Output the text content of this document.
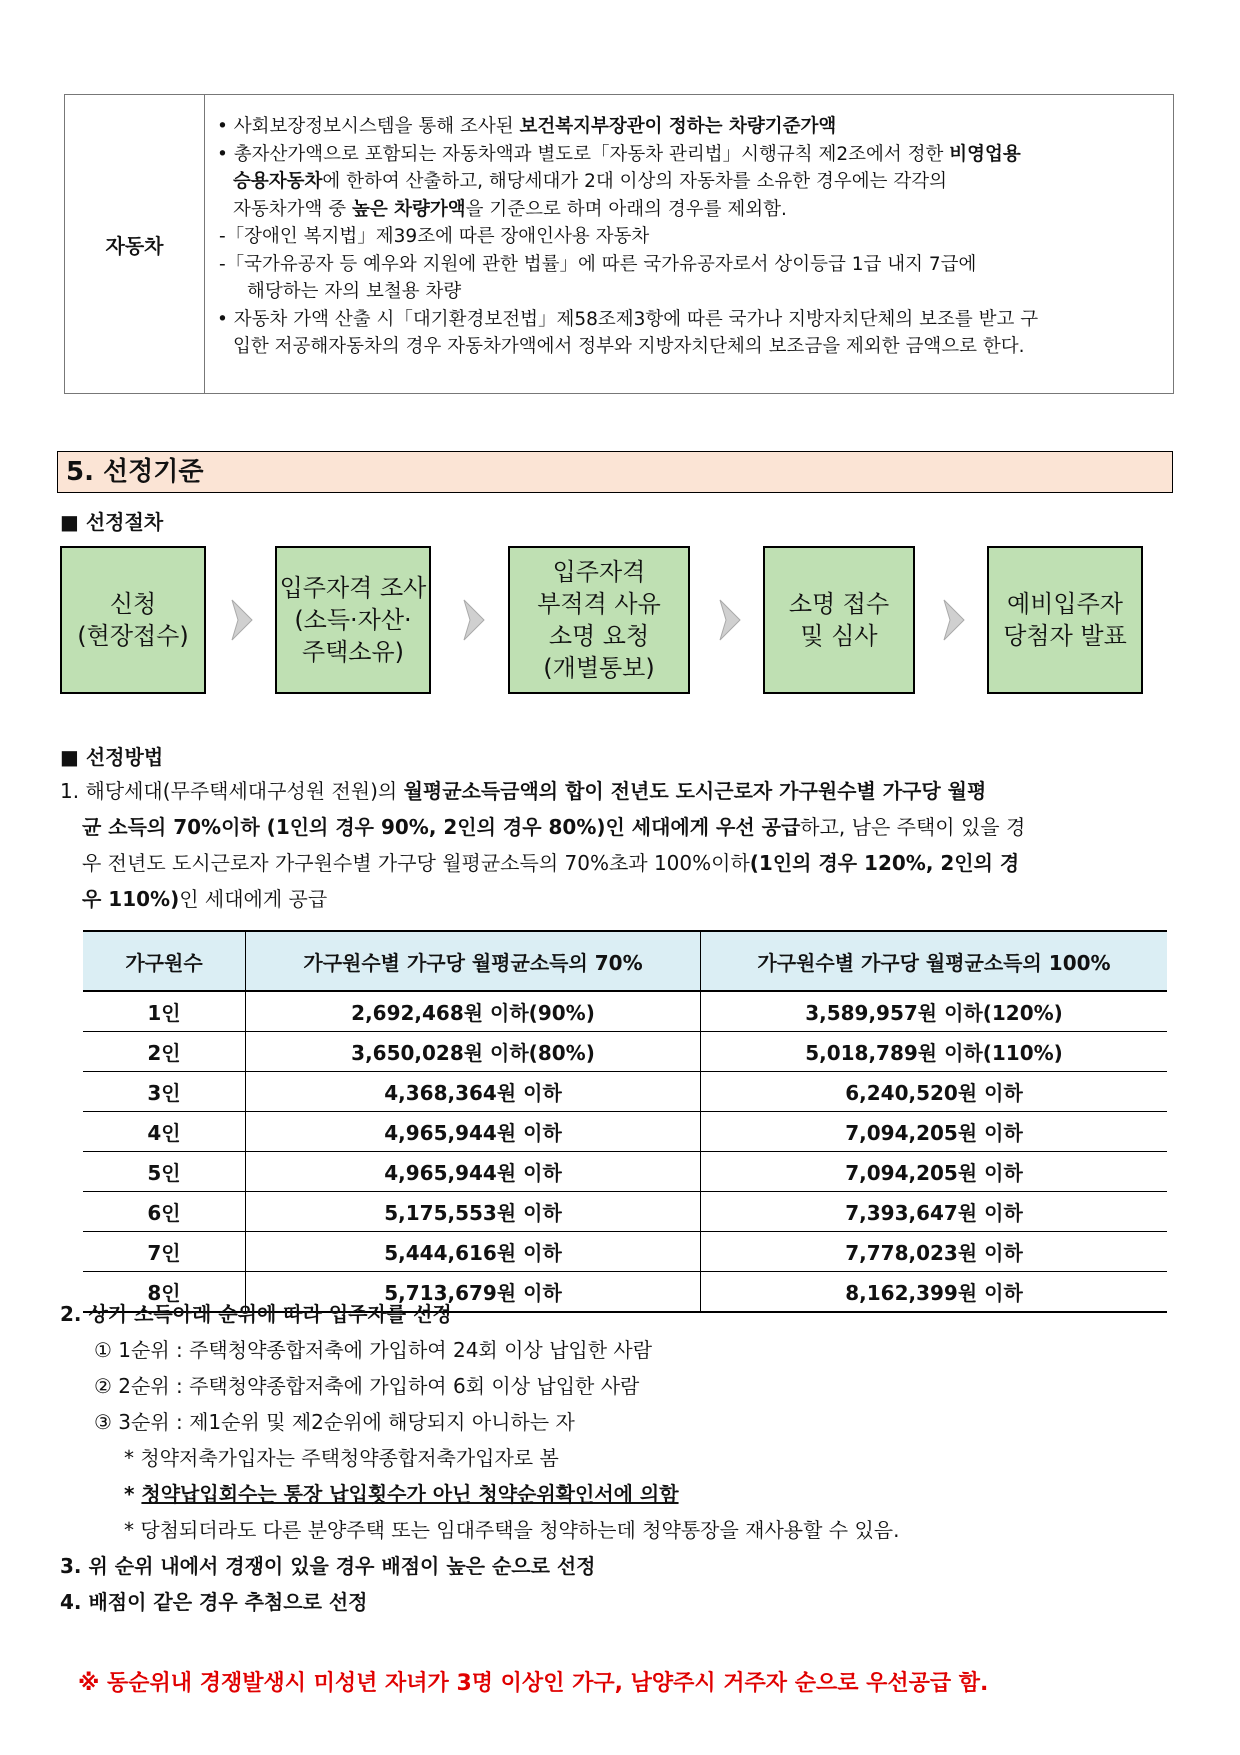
자동차
• 사회보장정보시스템을 통해 조사된 보건복지부장관이 정하는 차량기준가액
• 총자산가액으로 포함되는 자동차액과 별도로「자동차 관리법」시행규칙 제2조에서 정한 비영업용
승용자동차에 한하여 산출하고, 해당세대가 2대 이상의 자동차를 소유한 경우에는 각각의
자동차가액 중 높은 차량가액을 기준으로 하며 아래의 경우를 제외함.
-「장애인 복지법」제39조에 따른 장애인사용 자동차
-「국가유공자 등 예우와 지원에 관한 법률」에 따른 국가유공자로서 상이등급 1급 내지 7급에
해당하는 자의 보철용 차량
• 자동차 가액 산출 시「대기환경보전법」제58조제3항에 따른 국가나 지방자치단체의 보조를 받고 구
입한 저공해자동차의 경우 자동차가액에서 정부와 지방자치단체의 보조금을 제외한 금액으로 한다.
5. 선정기준
■ 선정절차
신청
(현장접수)
입주자격 조사
(소득·자산·
주택소유)
입주자격
부적격 사유
소명 요청
(개별통보)
소명 접수
및 심사
예비입주자
당첨자 발표
■ 선정방법
1. 해당세대(무주택세대구성원 전원)의 월평균소득금액의 합이 전년도 도시근로자 가구원수별 가구당 월평
균 소득의 70%이하 (1인의 경우 90%, 2인의 경우 80%)인 세대에게 우선 공급하고, 남은 주택이 있을 경
우 전년도 도시근로자 가구원수별 가구당 월평균소득의 70%초과 100%이하(1인의 경우 120%, 2인의 경
우 110%)인 세대에게 공급
가구원수	가구원수별 가구당 월평균소득의 70%	가구원수별 가구당 월평균소득의 100%
1인	2,692,468원 이하(90%)	3,589,957원 이하(120%)
2인	3,650,028원 이하(80%)	5,018,789원 이하(110%)
3인	4,368,364원 이하	6,240,520원 이하
4인	4,965,944원 이하	7,094,205원 이하
5인	4,965,944원 이하	7,094,205원 이하
6인	5,175,553원 이하	7,393,647원 이하
7인	5,444,616원 이하	7,778,023원 이하
8인	5,713,679원 이하	8,162,399원 이하
2. 상기 소득아래 순위에 따라 입주자를 선정
① 1순위 : 주택청약종합저축에 가입하여 24회 이상 납입한 사람
② 2순위 : 주택청약종합저축에 가입하여 6회 이상 납입한 사람
③ 3순위 : 제1순위 및 제2순위에 해당되지 아니하는 자
* 청약저축가입자는 주택청약종합저축가입자로 봄
* 청약납입회수는 통장 납입횟수가 아닌 청약순위확인서에 의함
* 당첨되더라도 다른 분양주택 또는 임대주택을 청약하는데 청약통장을 재사용할 수 있음.
3. 위 순위 내에서 경쟁이 있을 경우 배점이 높은 순으로 선정
4. 배점이 같은 경우 추첨으로 선정
※ 동순위내 경쟁발생시 미성년 자녀가 3명 이상인 가구, 남양주시 거주자 순으로 우선공급 함.
